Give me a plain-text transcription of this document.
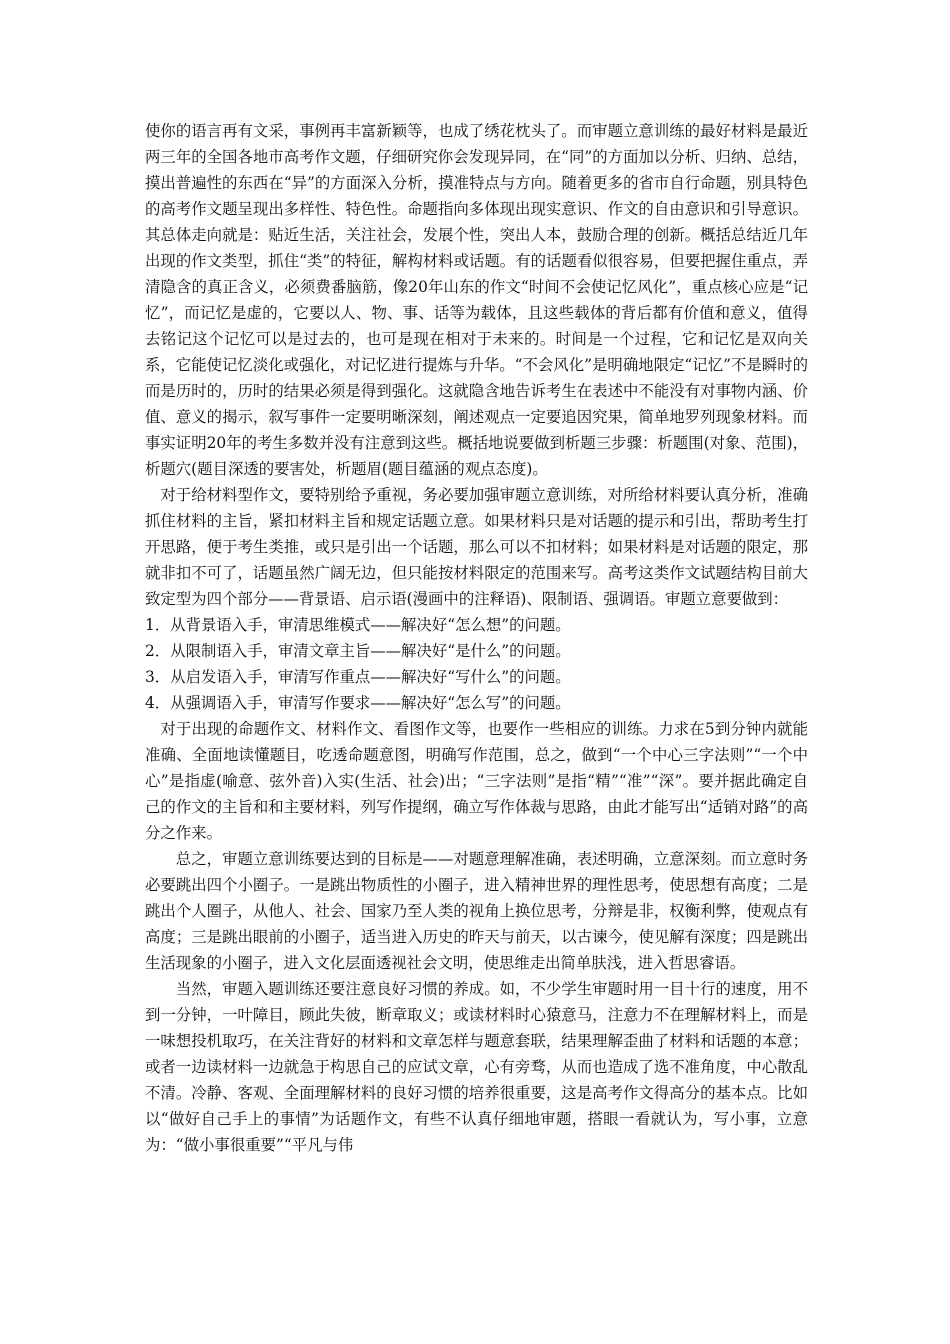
使你的语言再有文采，事例再丰富新颖等，也成了绣花枕头了。而审题立意训练的最好材料是最近两三年的全国各地市高考作文题，仔细研究你会发现异同，在“同”的方面加以分析、归纳、总结，摸出普遍性的东西在“异”的方面深入分析，摸准特点与方向。随着更多的省市自行命题，别具特色的高考作文题呈现出多样性、特色性。命题指向多体现出现实意识、作文的自由意识和引导意识。其总体走向就是：贴近生活，关注社会，发展个性，突出人本，鼓励合理的创新。概括总结近几年出现的作文类型，抓住“类”的特征，解构材料或话题。有的话题看似很容易，但要把握住重点，弄清隐含的真正含义，必须费番脑筋，像20年山东的作文“时间不会使记忆风化”，重点核心应是“记忆”，而记忆是虚的，它要以人、物、事、话等为载体，且这些载体的背后都有价值和意义，值得去铭记这个记忆可以是过去的，也可是现在相对于未来的。时间是一个过程，它和记忆是双向关系，它能使记忆淡化或强化，对记忆进行提炼与升华。“不会风化”是明确地限定“记忆”不是瞬时的而是历时的，历时的结果必须是得到强化。这就隐含地告诉考生在表述中不能没有对事物内涵、价值、意义的揭示，叙写事件一定要明晰深刻，阐述观点一定要追因究果，简单地罗列现象材料。而事实证明20年的考生多数并没有注意到这些。概括地说要做到析题三步骤：析题围(对象、范围)，析题穴(题目深透的要害处，析题眉(题目蕴涵的观点态度)。

对于给材料型作文，要特别给予重视，务必要加强审题立意训练，对所给材料要认真分析，准确抓住材料的主旨，紧扣材料主旨和规定话题立意。如果材料只是对话题的提示和引出，帮助考生打开思路，便于考生类推，或只是引出一个话题，那么可以不扣材料；如果材料是对话题的限定，那就非扣不可了，话题虽然广阔无边，但只能按材料限定的范围来写。高考这类作文试题结构目前大致定型为四个部分——背景语、启示语(漫画中的注释语)、限制语、强调语。审题立意要做到：

1．从背景语入手，审清思维模式——解决好“怎么想”的问题。

2．从限制语入手，审清文章主旨——解决好“是什么”的问题。

3．从启发语入手，审清写作重点——解决好“写什么”的问题。

4．从强调语入手，审清写作要求——解决好“怎么写”的问题。

对于出现的命题作文、材料作文、看图作文等，也要作一些相应的训练。力求在5到分钟内就能准确、全面地读懂题目，吃透命题意图，明确写作范围，总之，做到“一个中心三字法则”“一个中心”是指虚(喻意、弦外音)入实(生活、社会)出；“三字法则”是指“精”“准”“深”。要并据此确定自己的作文的主旨和和主要材料，列写作提纲，确立写作体裁与思路，由此才能写出“适销对路”的高分之作来。

总之，审题立意训练要达到的目标是——对题意理解准确，表述明确，立意深刻。而立意时务必要跳出四个小圈子。一是跳出物质性的小圈子，进入精神世界的理性思考，使思想有高度；二是跳出个人圈子，从他人、社会、国家乃至人类的视角上换位思考，分辩是非，权衡利弊，使观点有高度；三是跳出眼前的小圈子，适当进入历史的昨天与前天，以古谏今，使见解有深度；四是跳出生活现象的小圈子，进入文化层面透视社会文明，使思维走出简单肤浅，进入哲思睿语。

当然，审题入题训练还要注意良好习惯的养成。如，不少学生审题时用一目十行的速度，用不到一分钟，一叶障目，顾此失彼，断章取义；或读材料时心猿意马，注意力不在理解材料上，而是一味想投机取巧，在关注背好的材料和文章怎样与题意套联，结果理解歪曲了材料和话题的本意；或者一边读材料一边就急于构思自己的应试文章，心有旁骛，从而也造成了选不准角度，中心散乱不清。冷静、客观、全面理解材料的良好习惯的培养很重要，这是高考作文得高分的基本点。比如以“做好自己手上的事情”为话题作文，有些不认真仔细地审题，搭眼一看就认为，写小事，立意为：“做小事很重要”“平凡与伟
